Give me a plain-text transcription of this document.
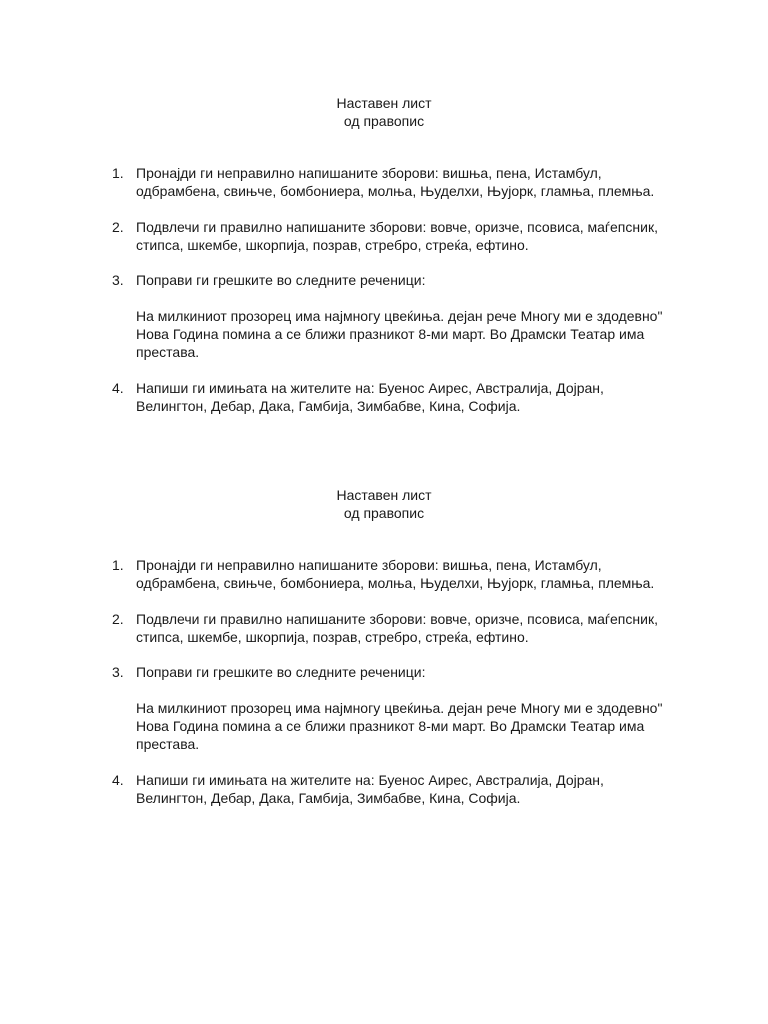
Наставен лист
од правопис
1. Пронајди ги неправилно напишаните зборови: вишња, пена, Истамбул, одбрамбена, свињче, бомбониера, молња, Њуделхи, Њујорк, гламња, племња.
2. Подвлечи ги правилно напишаните зборови: вовче, оризче, псовиса, мaѓепсник, стипса, шкембе, шкорпија, позрав, стребро, стреќа, ефтино.
3. Поправи ги грешките во следните реченици:
На милкиниот прозорец има најмногу цвеќиња. дејан рече Многу ми е здодевно"
Нова Година помина а се ближи празникот 8-ми март. Во Драмски Театар има престава.
4. Напиши ги имињата на жителите на: Буенос Аирес, Австралија, Дојран, Велингтон, Дебар, Дака, Гамбија, Зимбабве, Кина, Софија.
Наставен лист
од правопис
1. Пронајди ги неправилно напишаните зборови: вишња, пена, Истамбул, одбрамбена, свињче, бомбониера, молња, Њуделхи, Њујорк, гламња, племња.
2. Подвлечи ги правилно напишаните зборови: вовче, оризче, псовиса, мaѓепсник, стипса, шкембе, шкорпија, позрав, стребро, стреќа, ефтино.
3. Поправи ги грешките во следните реченици:
На милкиниот прозорец има најмногу цвеќиња. дејан рече Многу ми е здодевно"
Нова Година помина а се ближи празникот 8-ми март. Во Драмски Театар има престава.
4. Напиши ги имињата на жителите на: Буенос Аирес, Австралија, Дојран, Велингтон, Дебар, Дака, Гамбија, Зимбабве, Кина, Софија.
